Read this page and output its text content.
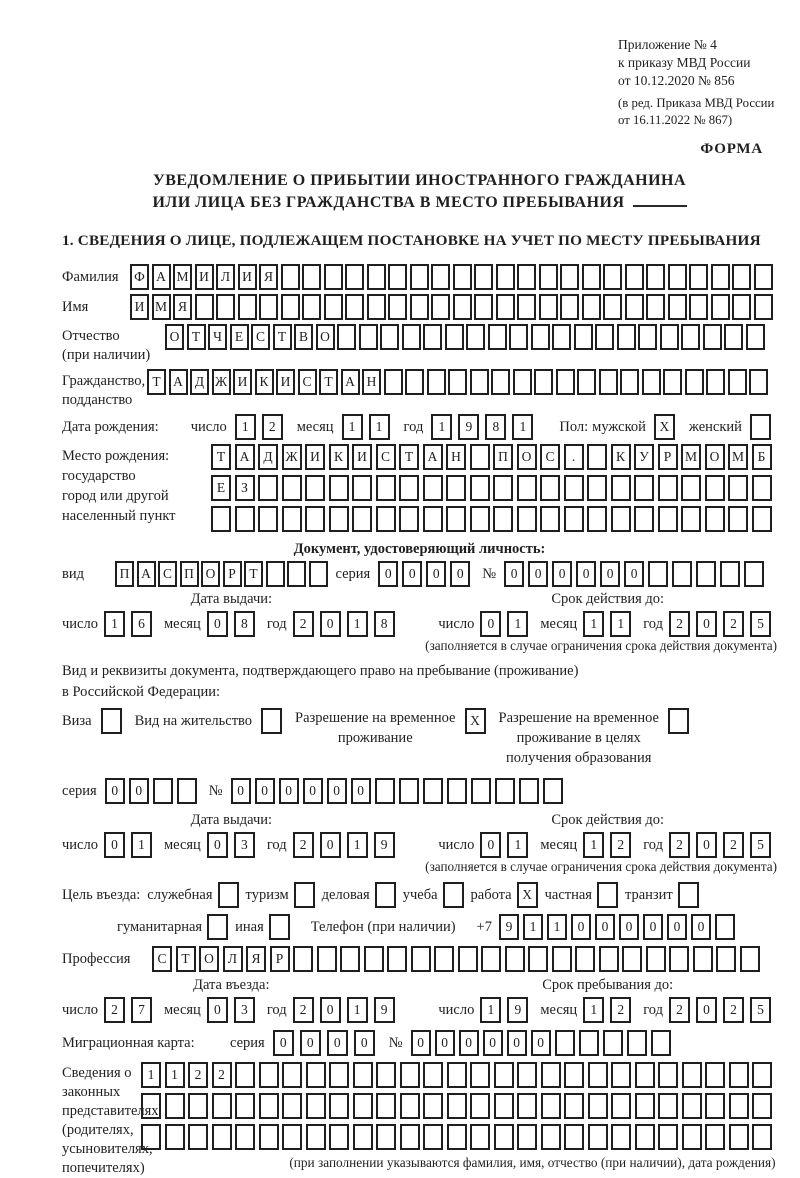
Приложение № 4
к приказу МВД России
от 10.12.2020 № 856
(в ред. Приказа МВД России
от 16.11.2022 № 867)
ФОРМА
УВЕДОМЛЕНИЕ О ПРИБЫТИИ ИНОСТРАННОГО ГРАЖДАНИНА
ИЛИ ЛИЦА БЕЗ ГРАЖДАНСТВА В МЕСТО ПРЕБЫВАНИЯ
1. СВЕДЕНИЯ О ЛИЦЕ, ПОДЛЕЖАЩЕМ ПОСТАНОВКЕ НА УЧЕТ ПО МЕСТУ ПРЕБЫВАНИЯ
Фамилия	Ф А М И Л И Я
Имя	И М Я
Отчество
(при наличии)
О Т Ч Е С Т В О
Гражданство,
подданство
Т А Д Ж И К И С Т А Н
Дата рождения: число	1	2	месяц	1	1	год	1	9	8	1	Пол: мужской	X	женский
Место рождения:
государство
город или другой
населенный пункт
Т	А	Д Ж И	К	И	С	Т	А	Н	П	О	С	.	К	У	Р	М О М	Б
Е	З
Документ, удостоверяющий личность:
вид	П А С П О Р	Т	серия	0	0	0	0	№	0	0	0	0	0	0
Дата выдачи:
число 1	6	месяц 0	8	год 2	0	1	8
Срок действия до:
число 0	1	месяц 1	1	год 2	0	2	5
(заполняется в случае ограничения срока действия документа)
Вид и реквизиты документа, подтверждающего право на пребывание (проживание)
в Российской Федерации:
Виза	Вид на жительство	Разрешение на временное
проживание
X	Разрешение на временное
проживание в целях
получения образования
серия	0	0	№	0	0	0	0	0	0
Дата выдачи:
число 0	1	месяц 0	3	год 2	0	1	9
Срок действия до:
число 0	1	месяц 1	2	год 2	0	2	5
(заполняется в случае ограничения срока действия документа)
Цель въезда: служебная туризм деловая учеба работа X частная транзит
гуманитарная иная	Телефон (при наличии) +7	9	1	1	0	0	0	0	0	0
Профессия	С	Т	О	Л	Я	Р
Дата въезда:
число 2	7	месяц 0	3	год 2	0	1	9
Срок пребывания до:
число 1	9	месяц 1	2	год 2	0	2	5
Миграционная карта:	серия	0	0	0	0	№	0	0	0	0	0	0
Сведения о
законных
представителях
(родителях,
усыновителях,
попечителях)
1	1	2	2
(при заполнении указываются фамилия, имя, отчество (при наличии), дата рождения)
